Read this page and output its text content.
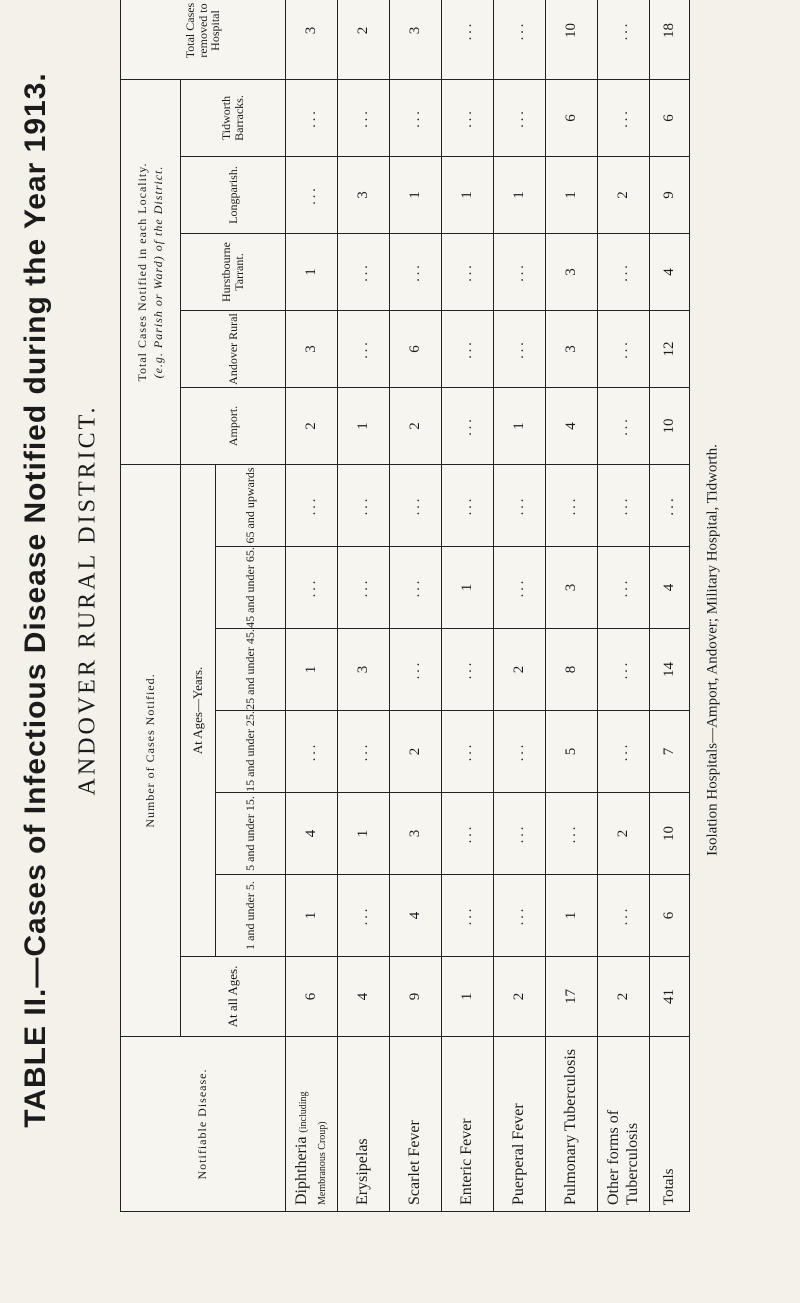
TABLE II.—Cases of Infectious Disease Notified during the Year 1913. ANDOVER RURAL DISTRICT.	Isolation Hospitals—Amport, Andover; Military Hospital, Tidworth.
Notifiable Disease.	Number of Cases Notified.							Total Cases Notified in each Locality. (e.g. Parish or Ward) of the District.					Total Cases removed to Hospital
	At all Ages.	At Ages—Years.						Amport.	Andover Rural	Hurstbourne Tarrant.	Longparish.	Tidworth Barracks.	
		1 and under 5.	5 and under 15.	15 and under 25.	25 and under 45.	45 and under 65.	65 and upwards						
Diphtheria (including Membranous Croup)	6	1	4	...	1	...	...	2	3	1	...	...	3
Erysipelas	4	...	1	...	3	...	...	1	...	...	3	...	2
Scarlet Fever	9	4	3	2	...	...	...	2	6	...	1	...	3
Enteric Fever	1	...	...	...	...	1	...	...	...	...	1	...	...
Puerperal Fever	2	...	...	...	2	...	...	1	...	...	1	...	...
Pulmonary Tuberculosis	17	1	...	5	8	3	...	4	3	3	1	6	10
Other forms of Tuberculosis	2	...	2	...	...	...	...	...	...	...	2	...	...
Totals	41	6	10	7	14	4	...	10	12	4	9	6	18
